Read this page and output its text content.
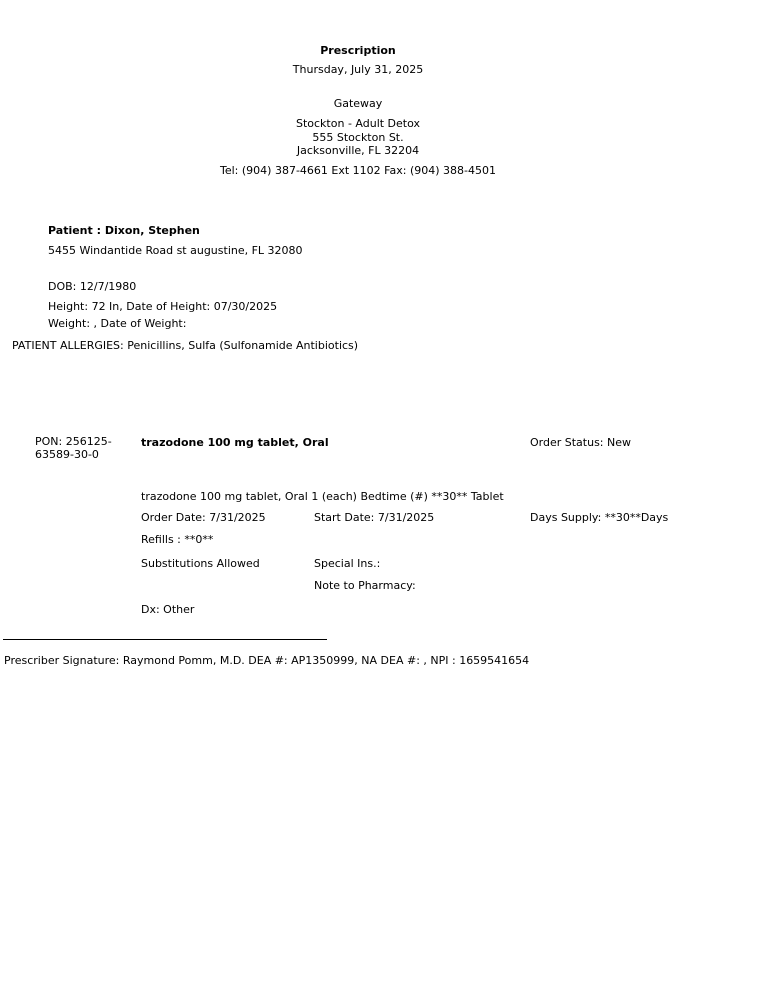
Prescription
Thursday, July 31, 2025
Gateway
Stockton - Adult Detox
555 Stockton St.
Jacksonville, FL 32204
Tel: (904) 387-4661 Ext 1102 Fax: (904) 388-4501
Patient : Dixon, Stephen
5455 Windantide Road st augustine, FL 32080
DOB: 12/7/1980
Height: 72 In, Date of Height: 07/30/2025
Weight: , Date of Weight:
PATIENT ALLERGIES: Penicillins, Sulfa (Sulfonamide Antibiotics)
PON: 256125-
63589-30-0
trazodone 100 mg tablet, Oral	Order Status: New
trazodone 100 mg tablet, Oral 1 (each) Bedtime (#) **30** Tablet
Order Date: 7/31/2025	Start Date: 7/31/2025	Days Supply: **30**Days
Refills : **0**
Substitutions Allowed	Special Ins.:
Note to Pharmacy:
Dx: Other
Prescriber Signature: Raymond Pomm, M.D. DEA #: AP1350999, NA DEA #: , NPI : 1659541654
